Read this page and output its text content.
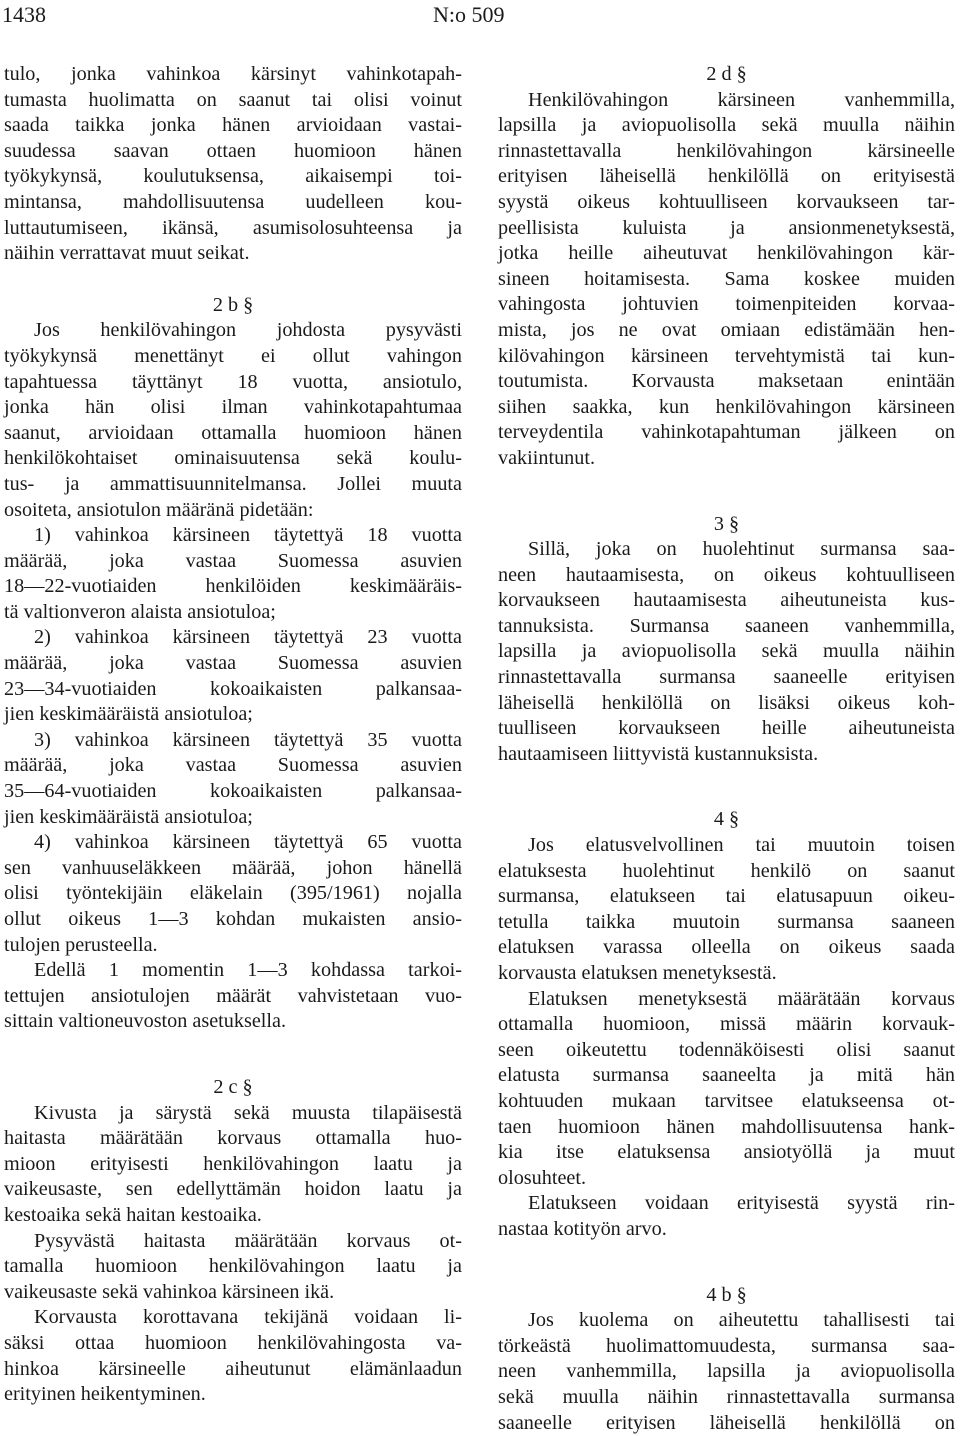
1438	N:o 509
tulo, jonka vahinkoa kärsinyt vahinkotapah-
tumasta huolimatta on saanut tai olisi voinut
saada taikka jonka hänen arvioidaan vastai-
suudessa saavan ottaen huomioon hänen
työkykynsä, koulutuksensa, aikaisempi toi-
mintansa, mahdollisuutensa uudelleen kou-
luttautumiseen, ikänsä, asumisolosuhteensa ja
näihin verrattavat muut seikat.

2 b §

Jos henkilövahingon johdosta pysyvästi
työkykynsä menettänyt ei ollut vahingon
tapahtuessa täyttänyt 18 vuotta, ansiotulo,
jonka hän olisi ilman vahinkotapahtumaa
saanut, arvioidaan ottamalla huomioon hänen
henkilökohtaiset ominaisuutensa sekä koulu-
tus- ja ammattisuunnitelmansa. Jollei muuta
osoiteta, ansiotulon määränä pidetään:
1) vahinkoa kärsineen täytettyä 18 vuotta
määrää, joka vastaa Suomessa asuvien
18—22-vuotiaiden henkilöiden keskimääräis-
tä valtionveron alaista ansiotuloa;
2) vahinkoa kärsineen täytettyä 23 vuotta
määrää, joka vastaa Suomessa asuvien
23—34-vuotiaiden kokoaikaisten palkansaa-
jien keskimääräistä ansiotuloa;
3) vahinkoa kärsineen täytettyä 35 vuotta
määrää, joka vastaa Suomessa asuvien
35—64-vuotiaiden kokoaikaisten palkansaa-
jien keskimääräistä ansiotuloa;
4) vahinkoa kärsineen täytettyä 65 vuotta
sen vanhuuseläkkeen määrää, johon hänellä
olisi työntekijäin eläkelain (395/1961) nojalla
ollut oikeus 1—3 kohdan mukaisten ansio-
tulojen perusteella.
Edellä 1 momentin 1—3 kohdassa tarkoi-
tettujen ansiotulojen määrät vahvistetaan vuo-
sittain valtioneuvoston asetuksella.

2 c §

Kivusta ja särystä sekä muusta tilapäisestä
haitasta määrätään korvaus ottamalla huo-
mioon erityisesti henkilövahingon laatu ja
vaikeusaste, sen edellyttämän hoidon laatu ja
kestoaika sekä haitan kestoaika.
Pysyvästä haitasta määrätään korvaus ot-
tamalla huomioon henkilövahingon laatu ja
vaikeusaste sekä vahinkoa kärsineen ikä.
Korvausta korottavana tekijänä voidaan li-
säksi ottaa huomioon henkilövahingosta va-
hinkoa kärsineelle aiheutunut elämänlaadun
erityinen heikentyminen.

2 d §

Henkilövahingon kärsineen vanhemmilla,
lapsilla ja aviopuolisolla sekä muulla näihin
rinnastettavalla henkilövahingon kärsineelle
erityisen läheisellä henkilöllä on erityisestä
syystä oikeus kohtuulliseen korvaukseen tar-
peellisista kuluista ja ansionmenetyksestä,
jotka heille aiheutuvat henkilövahingon kär-
sineen hoitamisesta. Sama koskee muiden
vahingosta johtuvien toimenpiteiden korvaa-
mista, jos ne ovat omiaan edistämään hen-
kilövahingon kärsineen tervehtymistä tai kun-
toutumista. Korvausta maksetaan enintään
siihen saakka, kun henkilövahingon kärsineen
terveydentila vahinkotapahtuman jälkeen on
vakiintunut.

3 §

Sillä, joka on huolehtinut surmansa saa-
neen hautaamisesta, on oikeus kohtuulliseen
korvaukseen hautaamisesta aiheutuneista kus-
tannuksista. Surmansa saaneen vanhemmilla,
lapsilla ja aviopuolisolla sekä muulla näihin
rinnastettavalla surmansa saaneelle erityisen
läheisellä henkilöllä on lisäksi oikeus koh-
tuulliseen korvaukseen heille aiheutuneista
hautaamiseen liittyvistä kustannuksista.

4 §

Jos elatusvelvollinen tai muutoin toisen
elatuksesta huolehtinut henkilö on saanut
surmansa, elatukseen tai elatusapuun oikeu-
tetulla taikka muutoin surmansa saaneen
elatuksen varassa olleella on oikeus saada
korvausta elatuksen menetyksestä.
Elatuksen menetyksestä määrätään korvaus
ottamalla huomioon, missä määrin korvauk-
seen oikeutettu todennäköisesti olisi saanut
elatusta surmansa saaneelta ja mitä hän
kohtuuden mukaan tarvitsee elatukseensa ot-
taen huomioon hänen mahdollisuutensa hank-
kia itse elatuksensa ansiotyöllä ja muut
olosuhteet.
Elatukseen voidaan erityisestä syystä rin-
nastaa kotityön arvo.

4 b §

Jos kuolema on aiheutettu tahallisesti tai
törkeästä huolimattomuudesta, surmansa saa-
neen vanhemmilla, lapsilla ja aviopuolisolla
sekä muulla näihin rinnastettavalla surmansa
saaneelle erityisen läheisellä henkilöllä on
